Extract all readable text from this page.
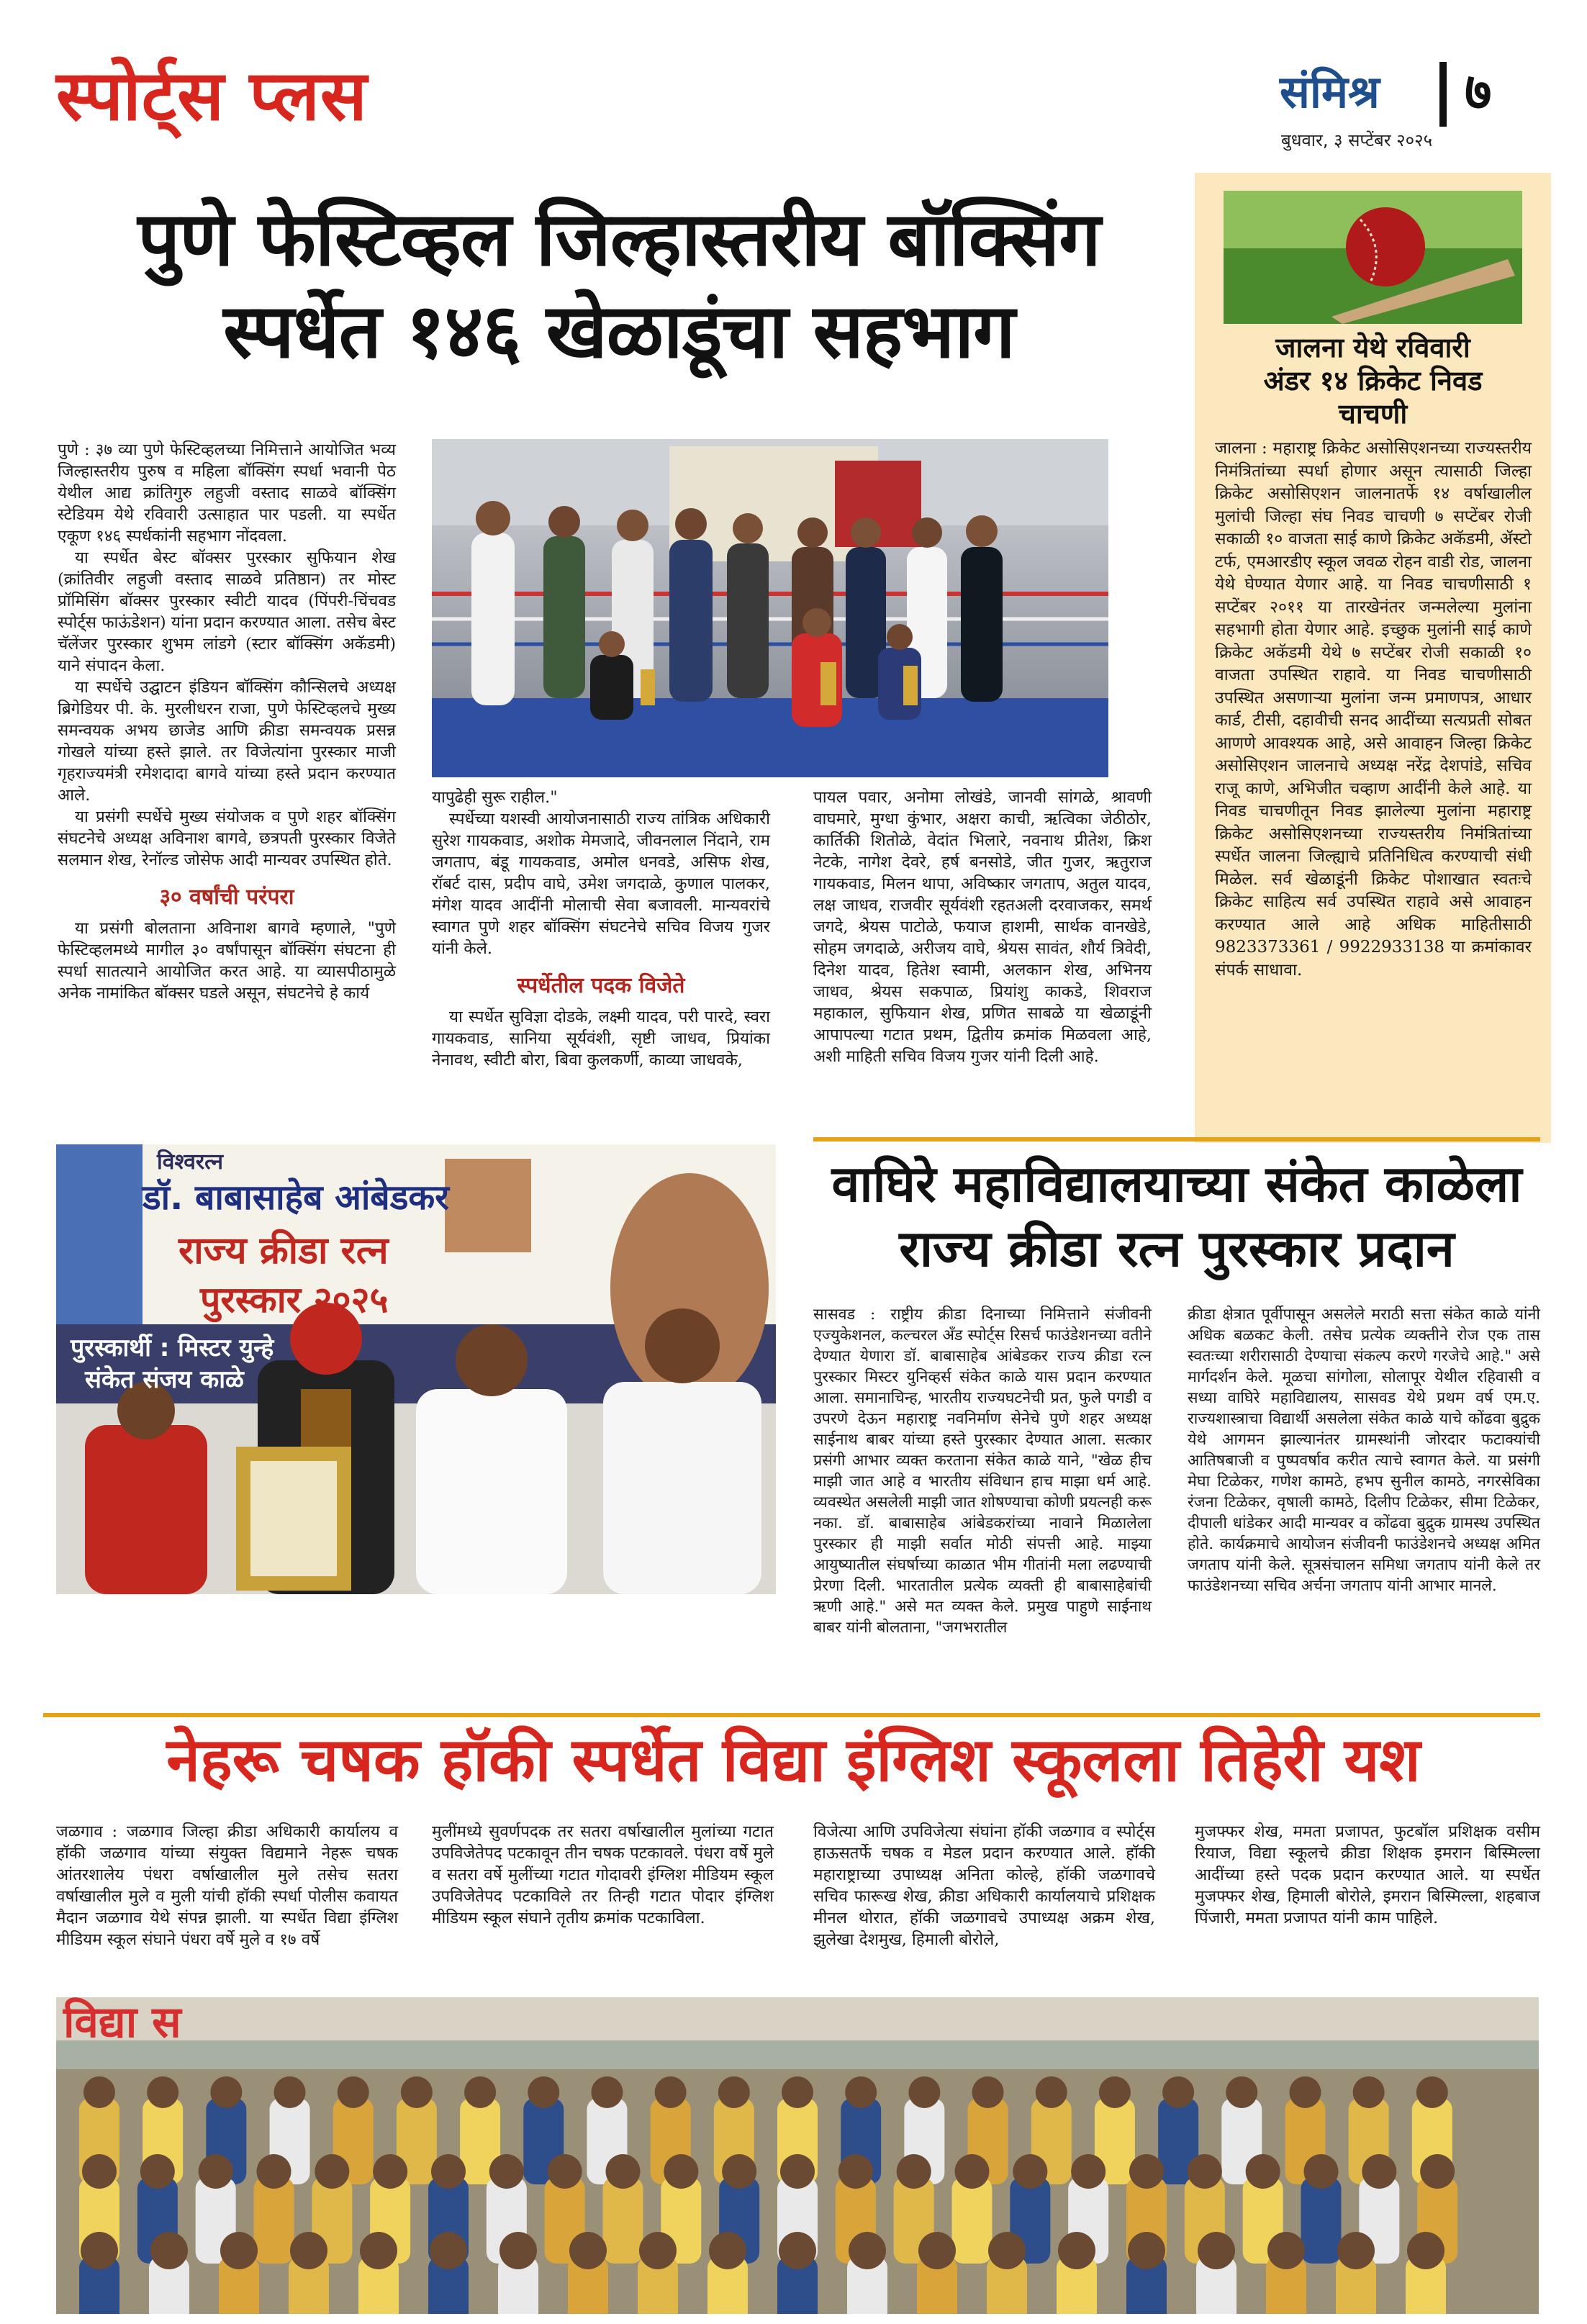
स्पोर्ट्स प्लस	संमिश्र ७
बुधवार, ३ सप्टेंबर २०२५
पुणे फेस्टिव्हल जिल्हास्तरीय बॉक्सिंग
स्पर्धेत १४६ खेळाडूंचा सहभाग

पुणे : ३७ व्या पुणे फेस्टिव्हलच्या निमित्ताने आयोजित भव्य जिल्हास्तरीय पुरुष व महिला बॉक्सिंग स्पर्धा भवानी पेठ येथील आद्य क्रांतिगुरु लहुजी वस्ताद साळवे बॉक्सिंग स्टेडियम येथे रविवारी उत्साहात पार पडली. या स्पर्धेत एकूण १४६ स्पर्धकांनी सहभाग नोंदवला.

या स्पर्धेत बेस्ट बॉक्सर पुरस्कार सुफियान शेख (क्रांतिवीर लहुजी वस्ताद साळवे प्रतिष्ठान) तर मोस्ट प्रॉमिसिंग बॉक्सर पुरस्कार स्वीटी यादव (पिंपरी-चिंचवड स्पोर्ट्स फाऊंडेशन) यांना प्रदान करण्यात आला. तसेच बेस्ट चॅलेंजर पुरस्कार शुभम लांडगे (स्टार बॉक्सिंग अकॅडमी) याने संपादन केला.

या स्पर्धेचे उद्घाटन इंडियन बॉक्सिंग कौन्सिलचे अध्यक्ष ब्रिगेडियर पी. के. मुरलीधरन राजा, पुणे फेस्टिव्हलचे मुख्य समन्वयक अभय छाजेड आणि क्रीडा समन्वयक प्रसन्न गोखले यांच्या हस्ते झाले. तर विजेत्यांना पुरस्कार माजी गृहराज्यमंत्री रमेशदादा बागवे यांच्या हस्ते प्रदान करण्यात आले.

या प्रसंगी स्पर्धेचे मुख्य संयोजक व पुणे शहर बॉक्सिंग संघटनेचे अध्यक्ष अविनाश बागवे, छत्रपती पुरस्कार विजेते सलमान शेख, रेनॉल्ड जोसेफ आदी मान्यवर उपस्थित होते.

३० वर्षांची परंपरा

या प्रसंगी बोलताना अविनाश बागवे म्हणाले, "पुणे फेस्टिव्हलमध्ये मागील ३० वर्षांपासून बॉक्सिंग संघटना ही स्पर्धा सातत्याने आयोजित करत आहे. या व्यासपीठामुळे अनेक नामांकित बॉक्सर घडले असून, संघटनेचे हे कार्य

यापुढेही सुरू राहील."

स्पर्धेच्या यशस्वी आयोजनासाठी राज्य तांत्रिक अधिकारी सुरेश गायकवाड, अशोक मेमजादे, जीवनलाल निंदाने, राम जगताप, बंडू गायकवाड, अमोल धनवडे, असिफ शेख, रॉबर्ट दास, प्रदीप वाघे, उमेश जगदाळे, कुणाल पालकर, मंगेश यादव आदींनी मोलाची सेवा बजावली. मान्यवरांचे स्वागत पुणे शहर बॉक्सिंग संघटनेचे सचिव विजय गुजर यांनी केले.

स्पर्धेतील पदक विजेते

या स्पर्धेत सुविज्ञा दोडके, लक्ष्मी यादव, परी पारदे, स्वरा गायकवाड, सानिया सूर्यवंशी, सृष्टी जाधव, प्रियांका नेनावथ, स्वीटी बोरा, बिवा कुलकर्णी, काव्या जाधवके,

पायल पवार, अनोमा लोखंडे, जानवी सांगळे, श्रावणी वाघमारे, मुग्धा कुंभार, अक्षरा काची, ऋत्विका जेठीठोर, कार्तिकी शितोळे, वेदांत भिलारे, नवनाथ प्रीतेश, क्रिश नेटके, नागेश देवरे, हर्ष बनसोडे, जीत गुजर, ऋतुराज गायकवाड, मिलन थापा, अविष्कार जगताप, अतुल यादव, लक्ष जाधव, राजवीर सूर्यवंशी रहतअली दरवाजकर, समर्थ जगदे, श्रेयस पाटोळे, फयाज हाशमी, सार्थक वानखेडे, सोहम जगदाळे, अरीजय वाघे, श्रेयस सावंत, शौर्य त्रिवेदी, दिनेश यादव, हितेश स्वामी, अलकान शेख, अभिनय जाधव, श्रेयस सकपाळ, प्रियांशु काकडे, शिवराज महाकाल, सुफियान शेख, प्रणित साबळे या खेळाडूंनी आपापल्या गटात प्रथम, द्वितीय क्रमांक मिळवला आहे, अशी माहिती सचिव विजय गुजर यांनी दिली आहे.

जालना येथे रविवारी
अंडर १४ क्रिकेट निवड
चाचणी

जालना : महाराष्ट्र क्रिकेट असोसिएशनच्या राज्यस्तरीय निमंत्रितांच्या स्पर्धा होणार असून त्यासाठी जिल्हा क्रिकेट असोसिएशन जालनातर्फे १४ वर्षाखालील मुलांची जिल्हा संघ निवड चाचणी ७ सप्टेंबर रोजी सकाळी १० वाजता साई काणे क्रिकेट अकॅडमी, ॲस्टो टर्फ, एमआरडीए स्कूल जवळ रोहन वाडी रोड, जालना येथे घेण्यात येणार आहे. या निवड चाचणीसाठी १ सप्टेंबर २०११ या तारखेनंतर जन्मलेल्या मुलांना सहभागी होता येणार आहे. इच्छुक मुलांनी साई काणे क्रिकेट अकॅडमी येथे ७ सप्टेंबर रोजी सकाळी १० वाजता उपस्थित राहावे. या निवड चाचणीसाठी उपस्थित असणाऱ्या मुलांना जन्म प्रमाणपत्र, आधार कार्ड, टीसी, दहावीची सनद आदींच्या सत्यप्रती सोबत आणणे आवश्यक आहे, असे आवाहन जिल्हा क्रिकेट असोसिएशन जालनाचे अध्यक्ष नरेंद्र देशपांडे, सचिव राजू काणे, अभिजीत चव्हाण आदींनी केले आहे. या निवड चाचणीतून निवड झालेल्या मुलांना महाराष्ट्र क्रिकेट असोसिएशनच्या राज्यस्तरीय निमंत्रितांच्या स्पर्धेत जालना जिल्ह्याचे प्रतिनिधित्व करण्याची संधी मिळेल. सर्व खेळाडूंनी क्रिकेट पोशाखात स्वतःचे क्रिकेट साहित्य सर्व उपस्थित राहावे असे आवाहन करण्यात आले आहे अधिक माहितीसाठी 9823373361 / 9922933138 या क्रमांकावर संपर्क साधावा.

विश्वरत्न
डॉ. बाबासाहेब आंबेडकर
राज्य क्रीडा रत्न
पुरस्कार २०२५
पुरस्कार्थी : मिस्टर युन्हे
संकेत संजय काळे
वाघिरे महाविद्यालयाच्या संकेत काळेला
राज्य क्रीडा रत्न पुरस्कार प्रदान

सासवड : राष्ट्रीय क्रीडा दिनाच्या निमित्ताने संजीवनी एज्युकेशनल, कल्चरल अँड स्पोर्ट्स रिसर्च फाउंडेशनच्या वतीने देण्यात येणारा डॉ. बाबासाहेब आंबेडकर राज्य क्रीडा रत्न पुरस्कार मिस्टर युनिव्हर्स संकेत काळे यास प्रदान करण्यात आला. समानाचिन्ह, भारतीय राज्यघटनेची प्रत, फुले पगडी व उपरणे देऊन महाराष्ट्र नवनिर्माण सेनेचे पुणे शहर अध्यक्ष साईनाथ बाबर यांच्या हस्ते पुरस्कार देण्यात आला. सत्कार प्रसंगी आभार व्यक्त करताना संकेत काळे याने, "खेळ हीच माझी जात आहे व भारतीय संविधान हाच माझा धर्म आहे. व्यवस्थेत असलेली माझी जात शोषण्याचा कोणी प्रयत्नही करू नका. डॉ. बाबासाहेब आंबेडकरांच्या नावाने मिळालेला पुरस्कार ही माझी सर्वात मोठी संपत्ती आहे. माझ्या आयुष्यातील संघर्षाच्या काळात भीम गीतांनी मला लढण्याची प्रेरणा दिली. भारतातील प्रत्येक व्यक्ती ही बाबासाहेबांची ऋणी आहे." असे मत व्यक्त केले. प्रमुख पाहुणे साईनाथ बाबर यांनी बोलताना, "जगभरातील

क्रीडा क्षेत्रात पूर्वीपासून असलेले मराठी सत्ता संकेत काळे यांनी अधिक बळकट केली. तसेच प्रत्येक व्यक्तीने रोज एक तास स्वतःच्या शरीरासाठी देण्याचा संकल्प करणे गरजेचे आहे." असे मार्गदर्शन केले. मूळचा सांगोला, सोलापूर येथील रहिवासी व सध्या वाघिरे महाविद्यालय, सासवड येथे प्रथम वर्ष एम.ए. राज्यशास्त्राचा विद्यार्थी असलेला संकेत काळे याचे कोंढवा बुद्रुक येथे आगमन झाल्यानंतर ग्रामस्थांनी जोरदार फटाक्यांची आतिषबाजी व पुष्पवर्षाव करीत त्याचे स्वागत केले. या प्रसंगी मेघा टिळेकर, गणेश कामठे, हभप सुनील कामठे, नगरसेविका रंजना टिळेकर, वृषाली कामठे, दिलीप टिळेकर, सीमा टिळेकर, दीपाली धांडेकर आदी मान्यवर व कोंढवा बुद्रुक ग्रामस्थ उपस्थित होते. कार्यक्रमाचे आयोजन संजीवनी फाउंडेशनचे अध्यक्ष अमित जगताप यांनी केले. सूत्रसंचालन समिधा जगताप यांनी केले तर फाउंडेशनच्या सचिव अर्चना जगताप यांनी आभार मानले.

नेहरू चषक हॉकी स्पर्धेत विद्या इंग्लिश स्कूलला तिहेरी यश

जळगाव : जळगाव जिल्हा क्रीडा अधिकारी कार्यालय व हॉकी जळगाव यांच्या संयुक्त विद्यमाने नेहरू चषक आंतरशालेय पंधरा वर्षाखालील मुले तसेच सतरा वर्षाखालील मुले व मुली यांची हॉकी स्पर्धा पोलीस कवायत मैदान जळगाव येथे संपन्न झाली. या स्पर्धेत विद्या इंग्लिश मीडियम स्कूल संघाने पंधरा वर्षे मुले व १७ वर्षे

मुलींमध्ये सुवर्णपदक तर सतरा वर्षाखालील मुलांच्या गटात उपविजेतेपद पटकावून तीन चषक पटकावले. पंधरा वर्षे मुले व सतरा वर्षे मुलींच्या गटात गोदावरी इंग्लिश मीडियम स्कूल उपविजेतेपद पटकाविले तर तिन्ही गटात पोदार इंग्लिश मीडियम स्कूल संघाने तृतीय क्रमांक पटकाविला.

विजेत्या आणि उपविजेत्या संघांना हॉकी जळगाव व स्पोर्ट्स हाऊसतर्फे चषक व मेडल प्रदान करण्यात आले. हॉकी महाराष्ट्राच्या उपाध्यक्ष अनिता कोल्हे, हॉकी जळगावचे सचिव फारूख शेख, क्रीडा अधिकारी कार्यालयाचे प्रशिक्षक मीनल थोरात, हॉकी जळगावचे उपाध्यक्ष अक्रम शेख, झुलेखा देशमुख, हिमाली बोरोले,

मुजफ्फर शेख, ममता प्रजापत, फुटबॉल प्रशिक्षक वसीम रियाज, विद्या स्कूलचे क्रीडा शिक्षक इमरान बिस्मिल्ला आदींच्या हस्ते पदक प्रदान करण्यात आले. या स्पर्धेत मुजफ्फर शेख, हिमाली बोरोले, इमरान बिस्मिल्ला, शहबाज पिंजारी, ममता प्रजापत यांनी काम पाहिले.

विद्या स
